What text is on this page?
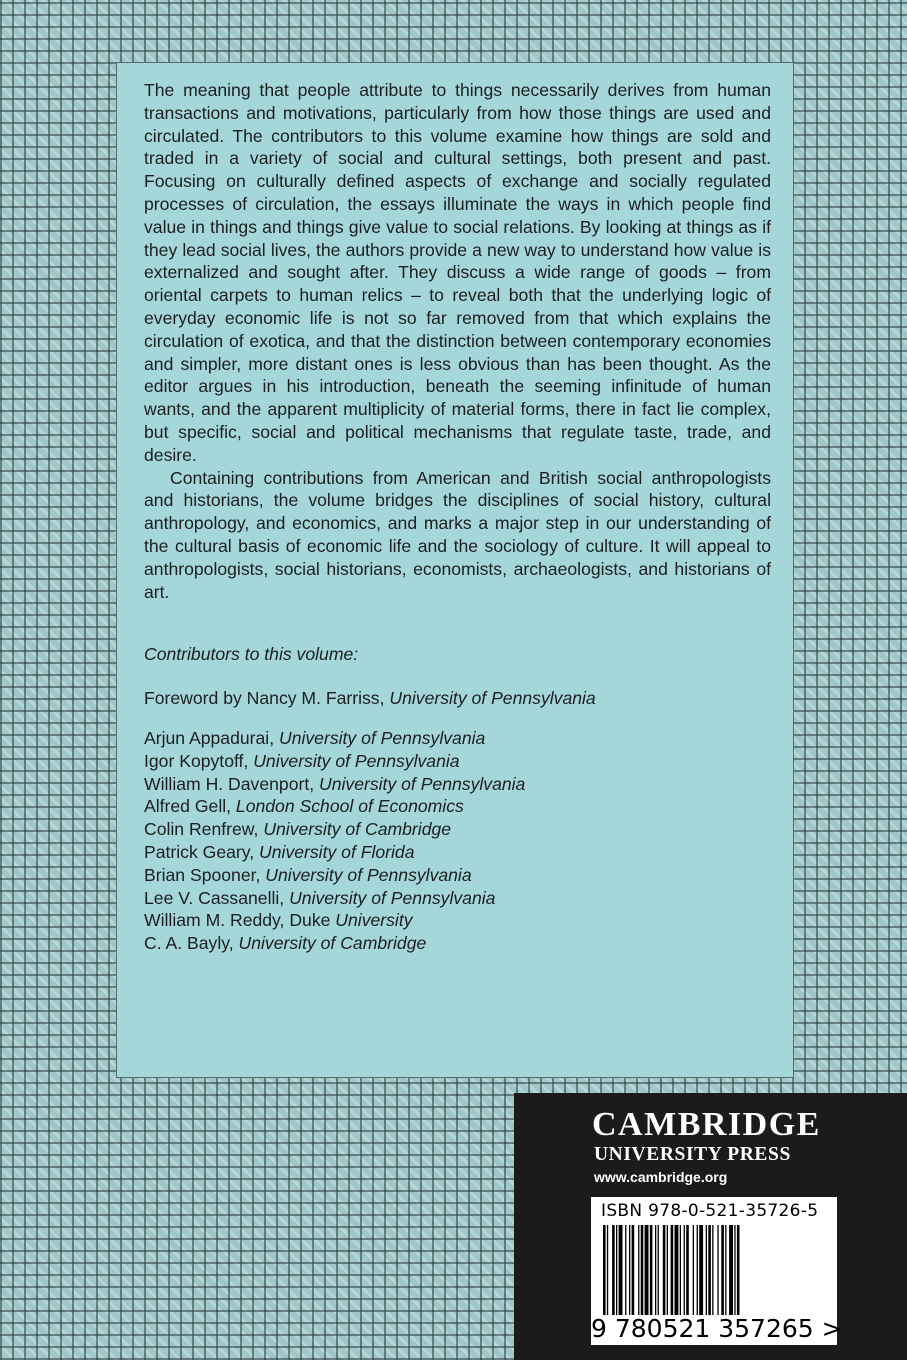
The meaning that people attribute to things necessarily derives from human transactions and motivations, particularly from how those things are used and circulated. The contributors to this volume examine how things are sold and traded in a variety of social and cultural settings, both present and past. Focusing on culturally defined aspects of exchange and socially regulated processes of circulation, the essays illuminate the ways in which people find value in things and things give value to social relations. By looking at things as if they lead social lives, the authors provide a new way to understand how value is externalized and sought after. They discuss a wide range of goods – from oriental carpets to human relics – to reveal both that the underlying logic of everyday economic life is not so far removed from that which explains the circulation of exotica, and that the distinction between contemporary economies and simpler, more distant ones is less obvious than has been thought. As the editor argues in his introduction, beneath the seeming infinitude of human wants, and the apparent multiplicity of material forms, there in fact lie complex, but specific, social and political mechanisms that regulate taste, trade, and desire.

Containing contributions from American and British social anthropologists and historians, the volume bridges the disciplines of social history, cultural anthropology, and economics, and marks a major step in our understanding of the cultural basis of economic life and the sociology of culture. It will appeal to anthropologists, social historians, economists, archaeologists, and historians of art.

Contributors to this volume:
Foreword by Nancy M. Farriss, University of Pennsylvania
Arjun Appadurai, University of Pennsylvania
Igor Kopytoff, University of Pennsylvania
William H. Davenport, University of Pennsylvania
Alfred Gell, London School of Economics
Colin Renfrew, University of Cambridge
Patrick Geary, University of Florida
Brian Spooner, University of Pennsylvania
Lee V. Cassanelli, University of Pennsylvania
William M. Reddy, Duke University
C. A. Bayly, University of Cambridge
CAMBRIDGE
UNIVERSITY PRESS
www.cambridge.org
ISBN 978-0-521-35726-5
9 780521 357265 >
